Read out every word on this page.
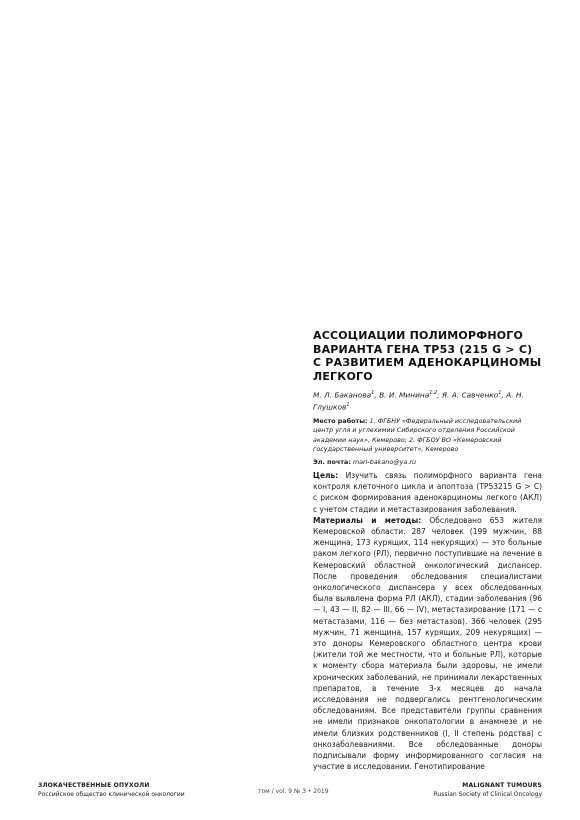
АССОЦИАЦИИ ПОЛИМОРФНОГО
ВАРИАНТА ГЕНА TP53 (215 G > C)
С РАЗВИТИЕМ АДЕНОКАРЦИНОМЫ
ЛЕГКОГО

М. Л. Баканова$^1$, В. И. Минина$^{1,2}$, Я. А. Савченко$^1$, А. Н. Глушков$^1$

Место работы: 1. ФГБНУ «Федеральный исследовательский центр угля и углехимии Сибирского отделения Российской академии наук», Кемерово; 2. ФГБОУ ВО «Кемеровский государственный университет», Кемерово

Эл. почта: mari-bakano@ya.ru

Цель: Изучить связь полиморфного варианта гена контроля клеточного цикла и апоптоза (TP53215 G > C) с риском формирования аденокарциномы легкого (АКЛ) с учетом стадии и метастазирования заболевания.

Материалы и методы: Обследовано 653 жителя Кемеровской области. 287 человек (199 мужчин, 88 женщина, 173 курящих, 114 некурящих) — это больные раком легкого (РЛ), первично поступившие на лечение в Кемеровский областной онкологический диспансер. После проведения обследования специалистами онкологического диспансера у всех обследованных была выявлена форма РЛ (АКЛ), стадии заболевания (96 — I, 43 — II, 82 — III, 66 — IV), метастазирование (171 — с метастазами, 116 — без метастазов). 366 человек (295 мужчин, 71 женщина, 157 курящих, 209 некурящих) — это доноры Кемеровского областного центра крови (жители той же местности, что и больные РЛ), которые к моменту сбора материала были здоровы, не имели хронических заболеваний, не принимали лекарственных препаратов, в течение 3-х месяцев до начала исследования не подвергались рентгенологическим обследованиям. Все представители группы сравнения не имели признаков онкопатологии в анамнезе и не имели близких родственников (I, II степень родства) с онкозаболеваниями. Все обследованные доноры подписывали форму информированного согласия на участие в исследовании. Генотипирование

ЗЛОКАЧЕСТВЕННЫЕ ОПУХОЛИ
Российское общество клинической онкологии	том / vol. 9 № 3 • 2019
MALIGNANT TUMOURS
Russian Society of Clinical Oncology
